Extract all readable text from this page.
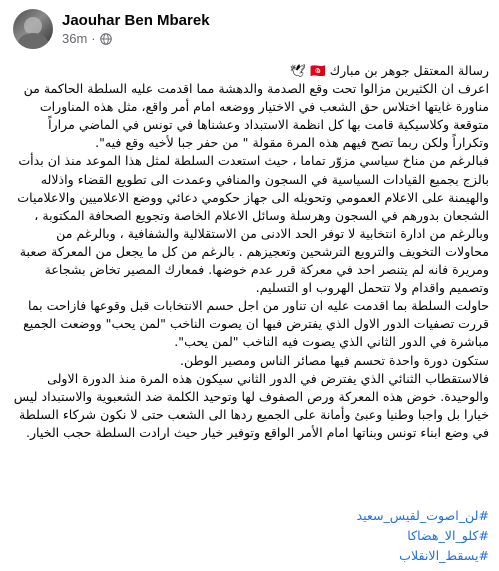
Jaouhar Ben Mbarek
36m ·
رسالة المعتقل جوهر بن مبارك 🇹🇳 🕊
اعرف ان الكثيرين مزالوا تحت وقع الصدمة والدهشة مما اقدمت عليه السلطة الحاكمة من مناورة غايتها اختلاس حق الشعب في الاختيار ووضعه امام أمر واقع، مثل هذه المناورات متوقعة وكلاسيكية قامت بها كل انظمة الاستبداد وعشناها في تونس في الماضي مراراً وتكراراً ولكن ربما تصح فيهم هذه المرة مقولة " من حفر جبا لأخيه وقع فيه".
فبالرغم من مناخ سياسي مزوّر تماما ، حيث استعدت السلطة لمثل هذا الموعد منذ ان بدأت بالزج بجميع القيادات السياسية في السجون والمنافي وعمدت الى تطويع القضاء واذلاله والهيمنة على الاعلام العمومي وتحويله الى جهاز حكومي دعائي ووضع الاعلاميين والاعلاميات الشجعان بدورهم في السجون وهرسلة وسائل الاعلام الخاصة وتجويع الصحافة المكتوبة ، وبالرغم من ادارة انتخابية لا توفر الحد الادنى من الاستقلالية والشفافية ، وبالرغم من محاولات التخويف والترويع الترشحين وتعجيزهم . بالرغم من كل ما يجعل من المعركة صعبة ومريرة فانه لم يتنصر احد في معركة قرر عدم خوضها. فمعارك المصير تخاض بشجاعة وتصميم واقدام ولا تتحمل الهروب او التسليم.
حاولت السلطة بما اقدمت عليه ان تناور من اجل حسم الانتخابات قبل وقوعها فازاحت بما قررت تصفيات الدور الاول الذي يفترض فيها ان يصوت الناخب "لمن يحب" ووضعت الجميع مباشرة في الدور الثاني الذي يصوت فيه الناخب "لمن يحب".
ستكون دورة واحدة تحسم فيها مصائر الناس ومصير الوطن.
فالاستقطاب الثنائي الذي يفترض في الدور الثاني سيكون هذه المرة منذ الدورة الاولى والوحيدة. خوض هذه المعركة ورص الصفوف لها وتوحيد الكلمة ضد الشعبوية والاستبداد ليس خيارا بل واجبا وطنيا وعبئ وأمانة على الجميع ردها الى الشعب حتى لا نكون شركاء السلطة في وضع ابناء تونس وبناتها امام الأمر الواقع وتوفير خيار حيث ارادت السلطة حجب الخيار.
#لن_اصوت_لقيس_سعيد
#كلو_الا_هضاكا
#يسقط_الانقلاب
